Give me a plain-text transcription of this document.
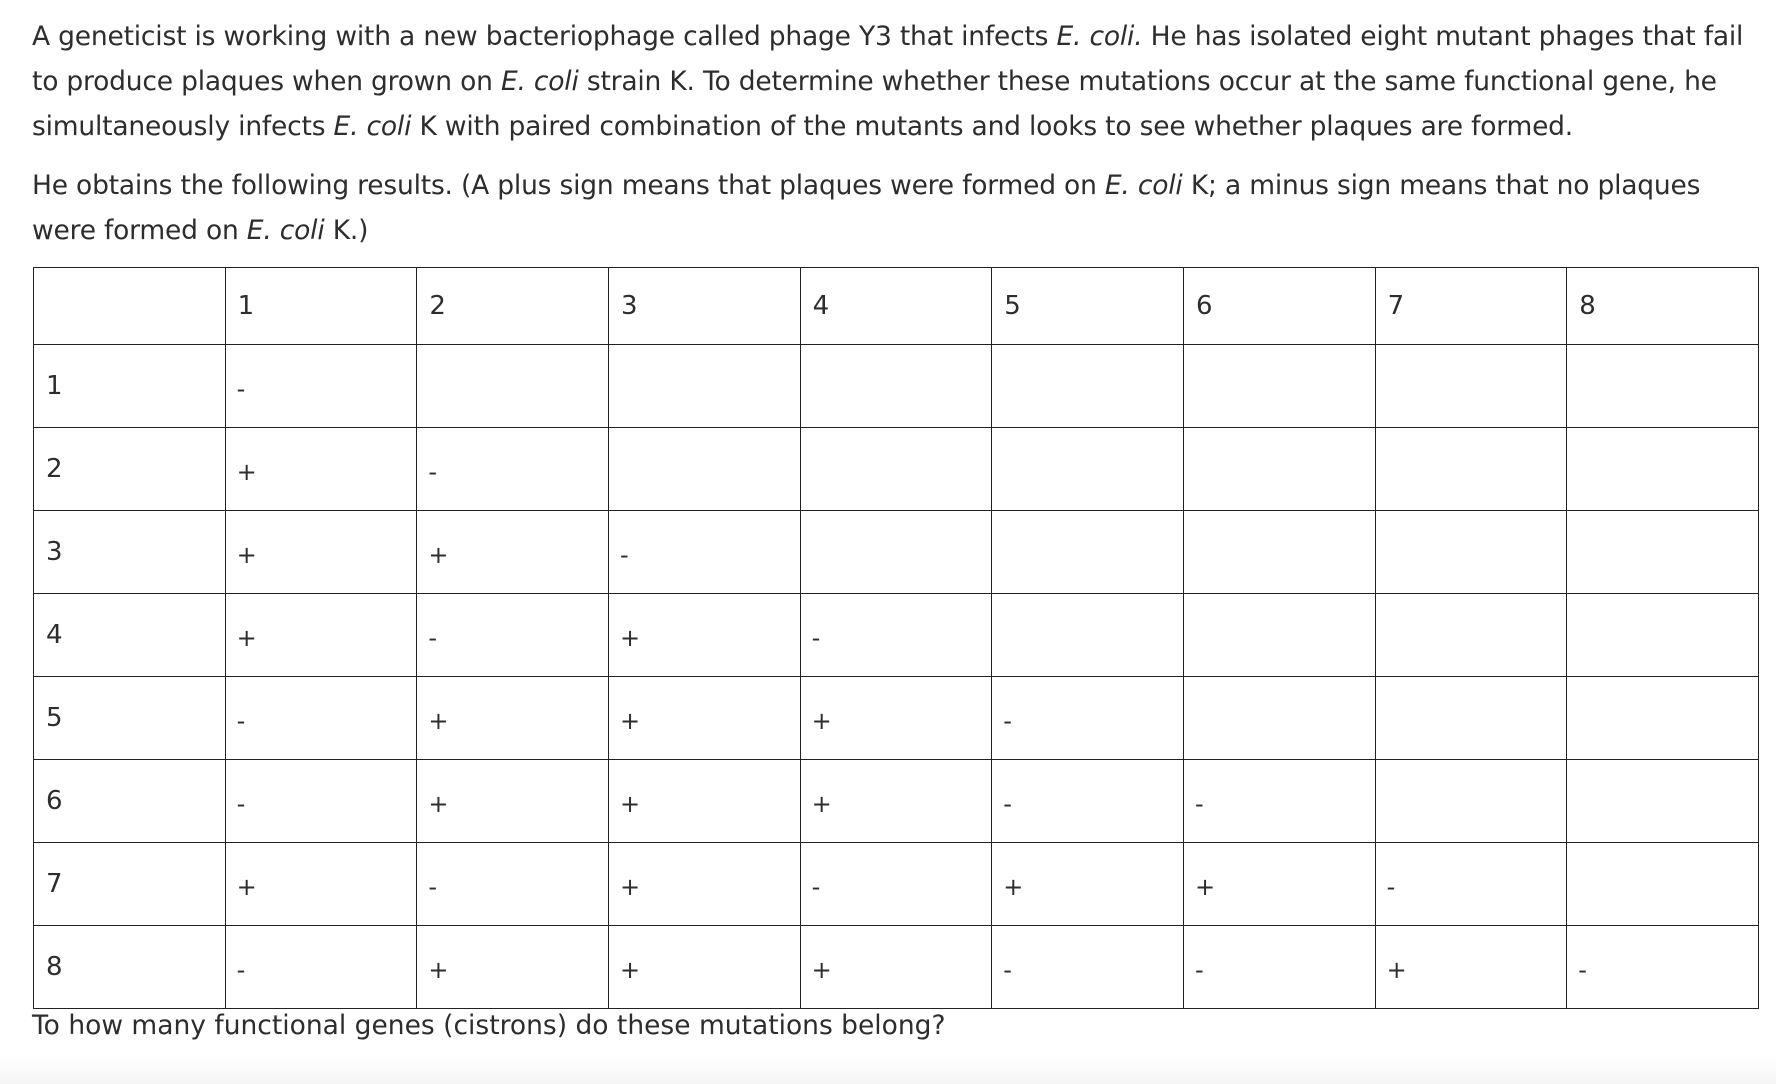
A geneticist is working with a new bacteriophage called phage Y3 that infects E. coli. He has isolated eight mutant phages that fail to produce plaques when grown on E. coli strain K. To determine whether these mutations occur at the same functional gene, he simultaneously infects E. coli K with paired combination of the mutants and looks to see whether plaques are formed.

He obtains the following results. (A plus sign means that plaques were formed on E. coli K; a minus sign means that no plaques were formed on E. coli K.)

	1	2	3	4	5	6	7	8
1	-							
2	+	-						
3	+	+	-					
4	+	-	+	-				
5	-	+	+	+	-			
6	-	+	+	+	-	-		
7	+	-	+	-	+	+	-	
8	-	+	+	+	-	-	+	-
To how many functional genes (cistrons) do these mutations belong?
